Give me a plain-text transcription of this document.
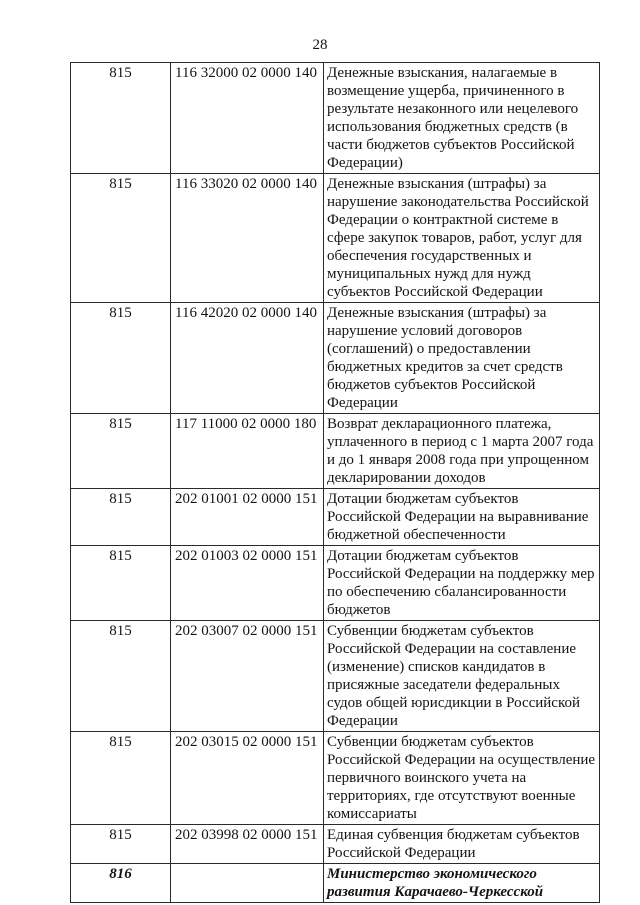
28
815	116 32000 02 0000 140	Денежные взыскания, налагаемые в возмещение ущерба, причиненного в результате незаконного или нецелевого использования бюджетных средств (в части бюджетов субъектов Российской Федерации)
815	116 33020 02 0000 140	Денежные взыскания (штрафы) за нарушение законодательства Российской Федерации о контрактной системе в сфере закупок товаров, работ, услуг для обеспечения государственных и муниципальных нужд для нужд субъектов Российской Федерации
815	116 42020 02 0000 140	Денежные взыскания (штрафы) за нарушение условий договоров (соглашений) о предоставлении бюджетных кредитов за счет средств бюджетов субъектов Российской Федерации
815	117 11000 02 0000 180	Возврат декларационного платежа, уплаченного в период с 1 марта 2007 года и до 1 января 2008 года при упрощенном декларировании доходов
815	202 01001 02 0000 151	Дотации бюджетам субъектов Российской Федерации на выравнивание бюджетной обеспеченности
815	202 01003 02 0000 151	Дотации бюджетам субъектов Российской Федерации на поддержку мер по обеспечению сбалансированности бюджетов
815	202 03007 02 0000 151	Субвенции бюджетам субъектов Российской Федерации на составление (изменение) списков кандидатов в присяжные заседатели федеральных судов общей юрисдикции в Российской Федерации
815	202 03015 02 0000 151	Субвенции бюджетам субъектов Российской Федерации на осуществление первичного воинского учета на территориях, где отсутствуют военные комиссариаты
815	202 03998 02 0000 151	Единая субвенция бюджетам субъектов Российской Федерации
816		Министерство экономического развития Карачаево-Черкесской
